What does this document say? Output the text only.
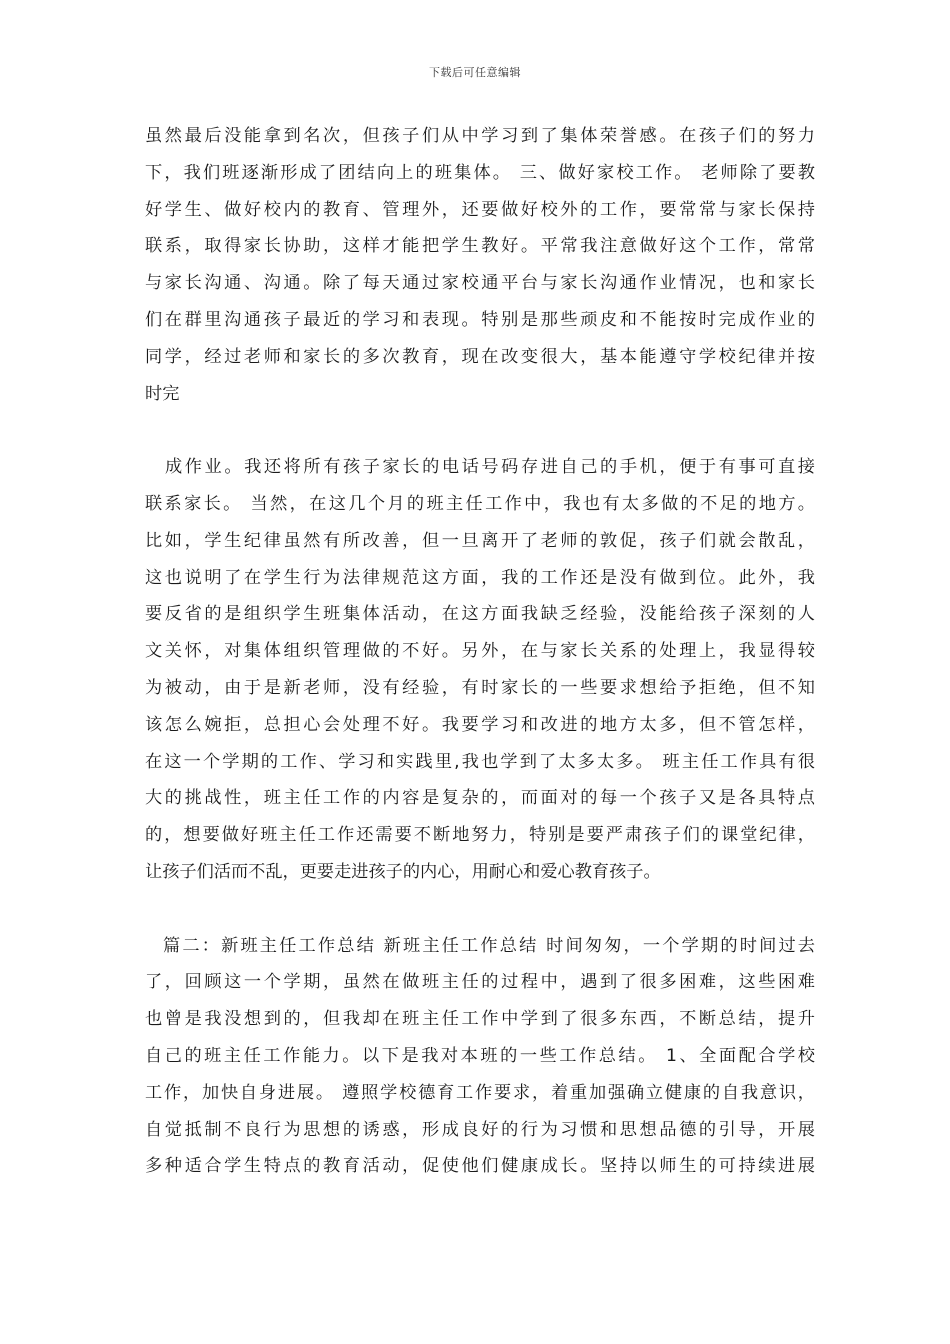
下载后可任意编辑
虽然最后没能拿到名次，但孩子们从中学习到了集体荣誉感。在孩子们的努力
下，我们班逐渐形成了团结向上的班集体。 三、做好家校工作。 老师除了要教
好学生、做好校内的教育、管理外，还要做好校外的工作，要常常与家长保持
联系，取得家长协助，这样才能把学生教好。平常我注意做好这个工作，常常
与家长沟通、沟通。除了每天通过家校通平台与家长沟通作业情况，也和家长
们在群里沟通孩子最近的学习和表现。特别是那些顽皮和不能按时完成作业的
同学，经过老师和家长的多次教育，现在改变很大，基本能遵守学校纪律并按
时完
成作业。我还将所有孩子家长的电话号码存进自己的手机，便于有事可直接
联系家长。 当然，在这几个月的班主任工作中，我也有太多做的不足的地方。
比如，学生纪律虽然有所改善，但一旦离开了老师的敦促，孩子们就会散乱，
这也说明了在学生行为法律规范这方面，我的工作还是没有做到位。此外，我
要反省的是组织学生班集体活动，在这方面我缺乏经验，没能给孩子深刻的人
文关怀，对集体组织管理做的不好。另外，在与家长关系的处理上，我显得较
为被动，由于是新老师，没有经验，有时家长的一些要求想给予拒绝，但不知
该怎么婉拒，总担心会处理不好。我要学习和改进的地方太多，但不管怎样，
在这一个学期的工作、学习和实践里,我也学到了太多太多。 班主任工作具有很
大的挑战性，班主任工作的内容是复杂的，而面对的每一个孩子又是各具特点
的，想要做好班主任工作还需要不断地努力，特别是要严肃孩子们的课堂纪律，
让孩子们活而不乱，更要走进孩子的内心，用耐心和爱心教育孩子。
篇二：新班主任工作总结 新班主任工作总结 时间匆匆，一个学期的时间过去
了，回顾这一个学期，虽然在做班主任的过程中，遇到了很多困难，这些困难
也曾是我没想到的，但我却在班主任工作中学到了很多东西，不断总结，提升
自己的班主任工作能力。以下是我对本班的一些工作总结。 1、全面配合学校
工作，加快自身进展。 遵照学校德育工作要求，着重加强确立健康的自我意识，
自觉抵制不良行为思想的诱惑，形成良好的行为习惯和思想品德的引导，开展
多种适合学生特点的教育活动，促使他们健康成长。坚持以师生的可持续进展
